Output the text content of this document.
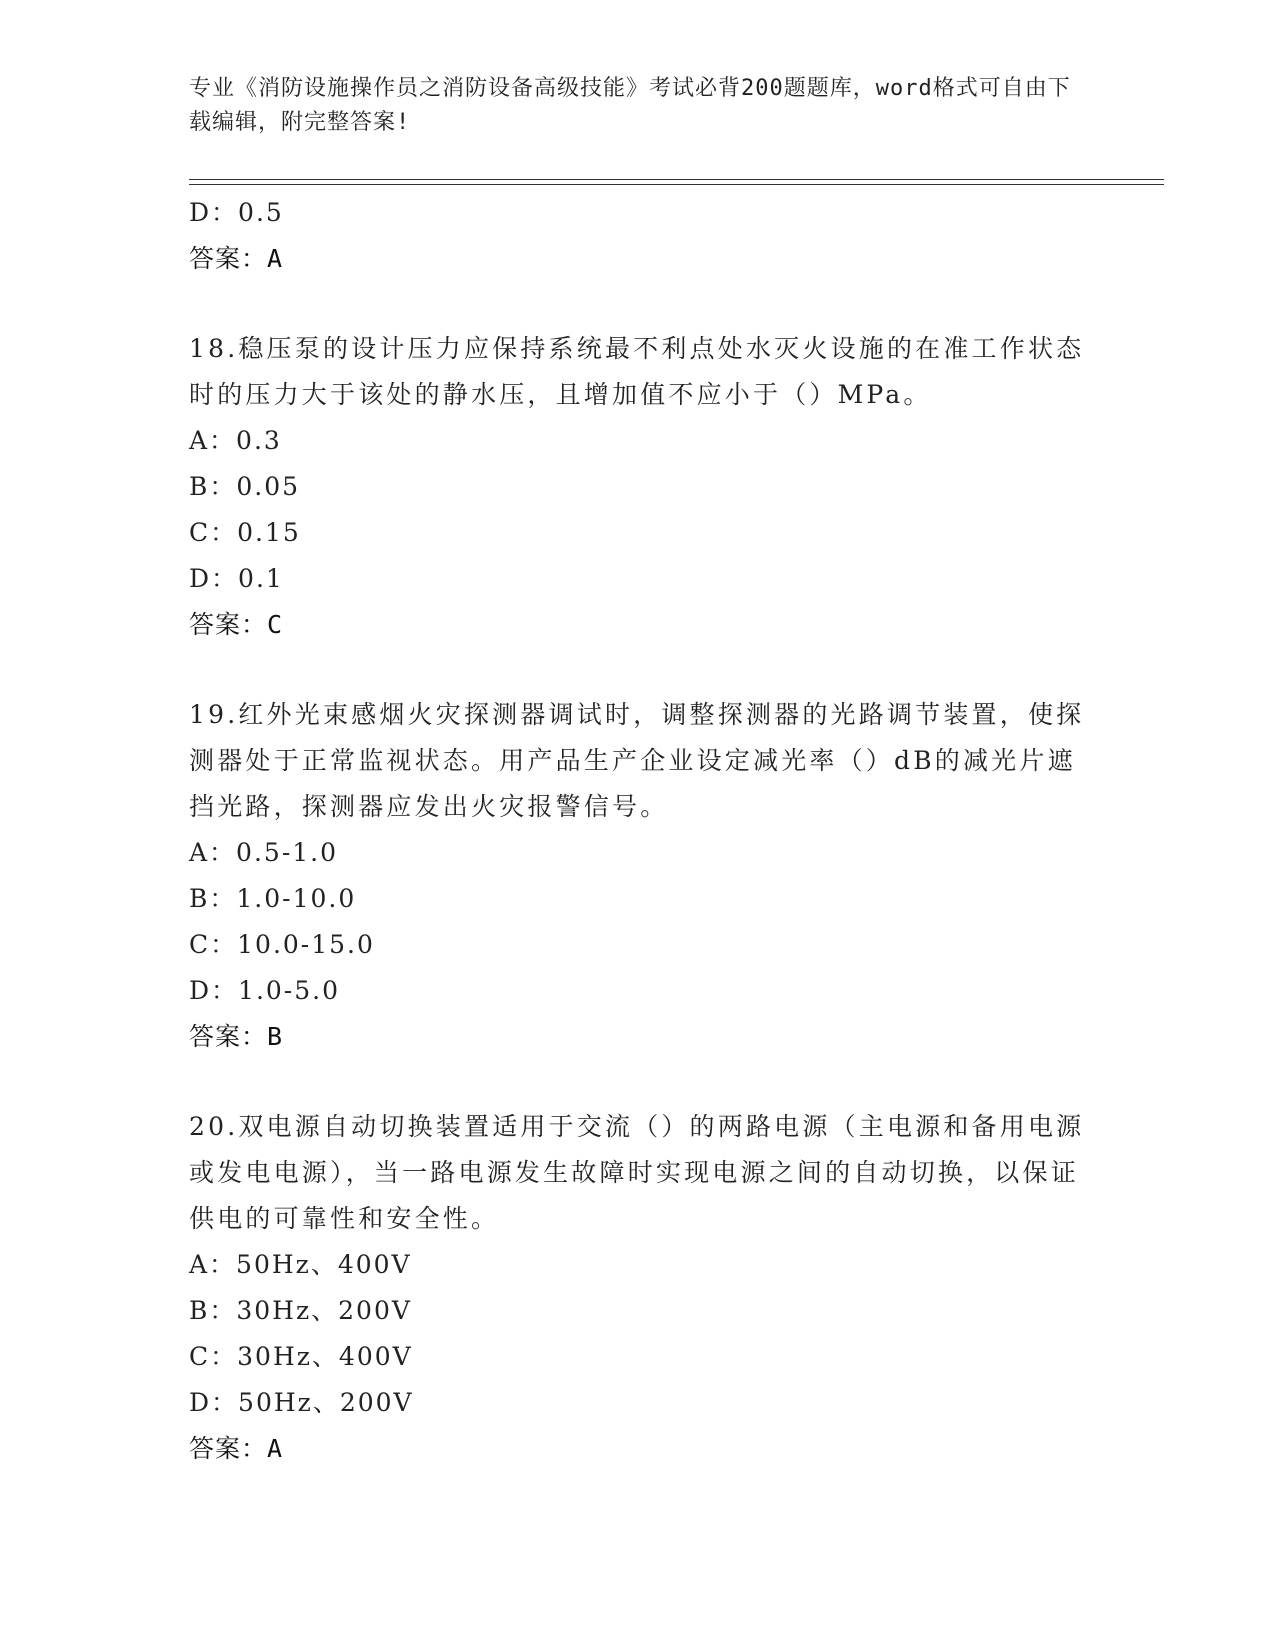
专业《消防设施操作员之消防设备高级技能》考试必背200题题库，word格式可自由下载编辑，附完整答案!
D：0.5
答案：A
18.稳压泵的设计压力应保持系统最不利点处水灭火设施的在准工作状态时的压力大于该处的静水压，且增加值不应小于（）MPa。
A：0.3
B：0.05
C：0.15
D：0.1
答案：C
19.红外光束感烟火灾探测器调试时，调整探测器的光路调节装置，使探测器处于正常监视状态。用产品生产企业设定减光率（）dB的减光片遮挡光路，探测器应发出火灾报警信号。
A：0.5-1.0
B：1.0-10.0
C：10.0-15.0
D：1.0-5.0
答案：B
20.双电源自动切换装置适用于交流（）的两路电源（主电源和备用电源或发电电源），当一路电源发生故障时实现电源之间的自动切换，以保证供电的可靠性和安全性。
A：50Hz、400V
B：30Hz、200V
C：30Hz、400V
D：50Hz、200V
答案：A
